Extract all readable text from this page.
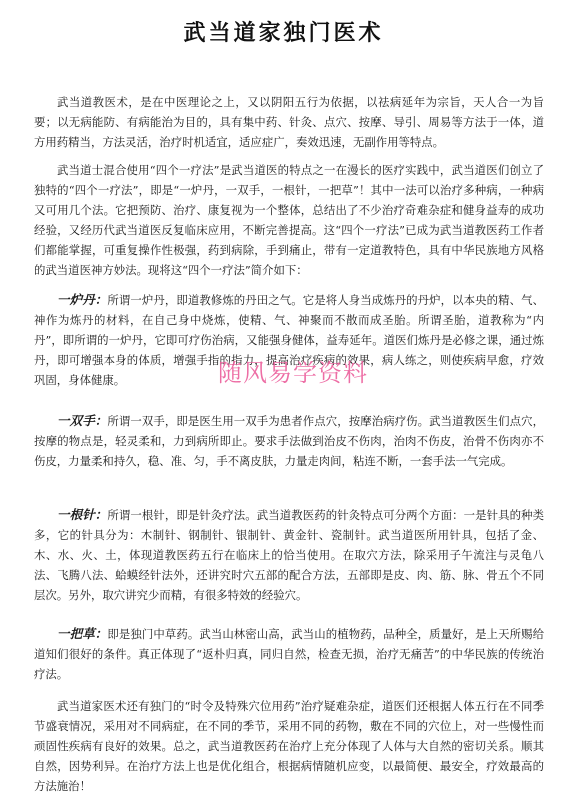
武当道家独门医术

武当道教医术，是在中医理论之上，又以阴阳五行为依据，以祛病延年为宗旨，天人合一为旨要；以无病能防、有病能治为目的，具有集中药、针灸、点穴、按摩、导引、周易等方法于一体，道方用药精当，方法灵活，治疗时机适宜，适应症广，奏效迅速，无副作用等特点。

武当道士混合使用“四个一疗法”是武当道医的特点之一在漫长的医疗实践中，武当道医们创立了独特的“四个一疗法”，即是“一炉丹，一双手，一根针，一把草”！其中一法可以治疗多种病，一种病又可用几个法。它把预防、治疗、康复视为一个整体，总结出了不少治疗奇难杂症和健身益寿的成功经验，又经历代武当道医反复临床应用，不断完善提高。这“四个一疗法”已成为武当道教医药工作者们都能掌握，可重复操作性极强，药到病除，手到痛止，带有一定道教特色，具有中华民族地方风格的武当道医神方妙法。现将这“四个一疗法”简介如下：

一炉丹：所谓一炉丹，即道教修炼的丹田之气。它是将人身当成炼丹的丹炉，以本央的精、气、神作为炼丹的材料，在自己身中烧炼，使精、气、神聚而不散而成圣胎。所谓圣胎，道教称为“内丹”，即所谓的一炉丹，它即可疗伤治病，又能强身健体，益寿延年。道医们炼丹是必修之课，通过炼丹，即可增强本身的体质，增强手指的指力，提高治疗疾病的效果，病人练之，则使疾病早愈，疗效巩固，身体健康。

一双手：所谓一双手，即是医生用一双手为患者作点穴，按摩治病疗伤。武当道教医生们点穴，按摩的物点是，轻灵柔和，力到病所即止。要求手法做到治皮不伤肉，治肉不伤皮，治骨不伤肉亦不伤皮，力量柔和持久，稳、准、匀，手不离皮肤，力量走肉间，粘连不断，一套手法一气完成。

一根针：所谓一根针，即是针灸疗法。武当道教医药的针灸特点可分两个方面：一是针具的种类多，它的针具分为：木制针、钢制针、银制针、黄金针、瓷制针。武当道医所用针具，包括了金、木、水、火、土，体现道教医药五行在临床上的恰当使用。在取穴方法，除采用子午流注与灵龟八法、飞腾八法、蛤蟆经针法外，还讲究时穴五部的配合方法，五部即是皮、肉、筋、脉、骨五个不同层次。另外，取穴讲究少而精，有很多特效的经验穴。

一把草：即是独门中草药。武当山林密山高，武当山的植物药，品种全，质量好，是上天所赐给道知们很好的条件。真正体现了“返朴归真，同归自然，检查无损，治疗无痛苦”的中华民族的传统治疗法。

武当道家医术还有独门的“时令及特殊穴位用药”治疗疑难杂症，道医们还根据人体五行在不同季节盛衰情况，采用对不同病症，在不同的季节，采用不同的药物，敷在不同的穴位上，对一些慢性而顽固性疾病有良好的效果。总之，武当道教医药在治疗上充分体现了人体与大自然的密切关系。顺其自然，因势利异。在治疗方法上也是优化组合，根据病情随机应变，以最简便、最安全，疗效最高的方法施治！

随风易学资料
